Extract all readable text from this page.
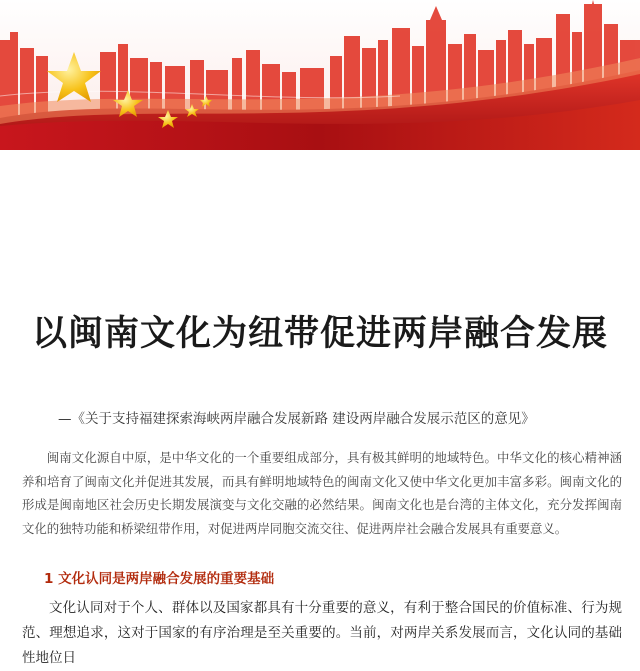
以闽南文化为纽带促进两岸融合发展
—《关于支持福建探索海峡两岸融合发展新路 建设两岸融合发展示范区的意见》

闽南文化源自中原，是中华文化的一个重要组成部分，具有极其鲜明的地域特色。中华文化的核心精神涵养和培育了闽南文化并促进其发展，而具有鲜明地域特色的闽南文化又使中华文化更加丰富多彩。闽南文化的形成是闽南地区社会历史长期发展演变与文化交融的必然结果。闽南文化也是台湾的主体文化，充分发挥闽南文化的独特功能和桥梁纽带作用，对促进两岸同胞交流交往、促进两岸社会融合发展具有重要意义。

1 文化认同是两岸融合发展的重要基础

文化认同对于个人、群体以及国家都具有十分重要的意义，有利于整合国民的价值标准、行为规范、理想追求，这对于国家的有序治理是至关重要的。当前，对两岸关系发展而言，文化认同的基础性地位日
